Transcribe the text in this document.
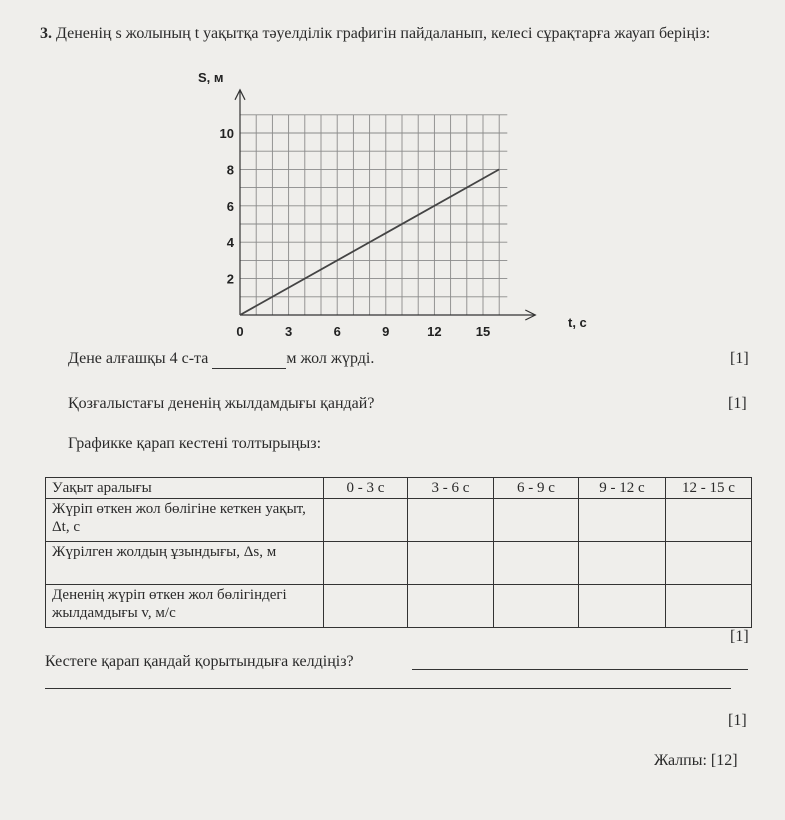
3. Дененің s жолының t уақытқа тәуелділік графигін пайдаланып, келесі сұрақтарға жауап беріңіз:
0	3	6	9	12	15
2
4
6
8
10
S, м
t, с
Дене алғашқы 4 с-та	м жол жүрді.	[1]
Қозғалыстағы дененің жылдамдығы қандай?	[1]
Графикке қарап кестені толтырыңыз:
Уақыт аралығы	0 - 3 с	3 - 6 с	6 - 9 с	9 - 12 с	12 - 15 с
Жүріп өткен жол бөлігіне кеткен уақыт, Δt, с					
Жүрілген жолдың ұзындығы, Δs, м					
Дененің жүріп өткен жол бөлігіндегі жылдамдығы v, м/с					
[1]
Кестеге қарап қандай қорытындыға келдіңіз?
[1]
Жалпы: [12]
